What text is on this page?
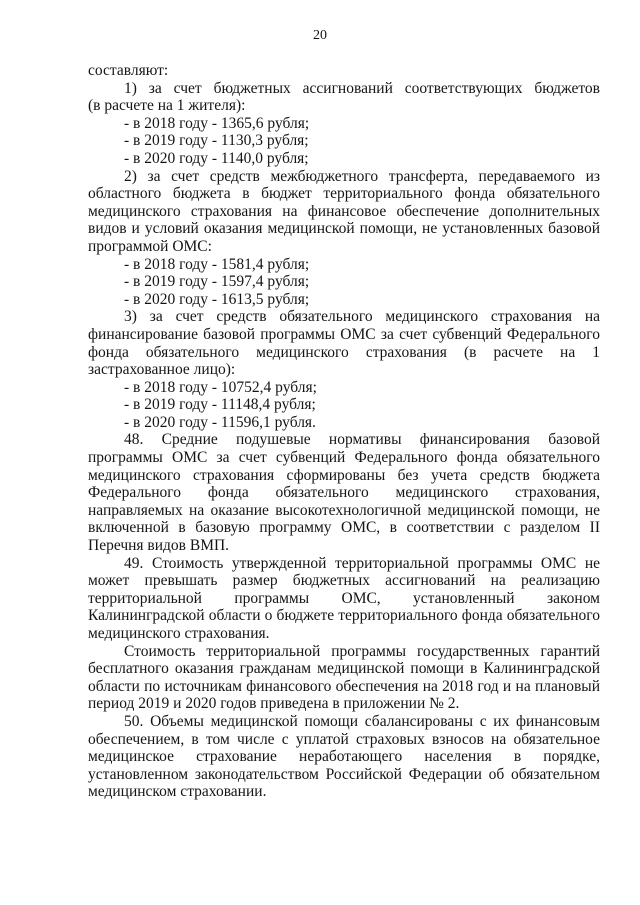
20
составляют:
1) за счет бюджетных ассигнований соответствующих бюджетов
(в расчете на 1 жителя):
- в 2018 году - 1365,6 рубля;
- в 2019 году - 1130,3 рубля;
- в 2020 году - 1140,0 рубля;
2) за счет средств межбюджетного трансферта, передаваемого из
областного бюджета в бюджет территориального фонда обязательного
медицинского страхования на финансовое обеспечение дополнительных
видов и условий оказания медицинской помощи, не установленных базовой
программой ОМС:
- в 2018 году - 1581,4 рубля;
- в 2019 году - 1597,4 рубля;
- в 2020 году - 1613,5 рубля;
3) за счет средств обязательного медицинского страхования на
финансирование базовой программы ОМС за счет субвенций Федерального
фонда обязательного медицинского страхования (в расчете на 1
застрахованное лицо):
- в 2018 году - 10752,4 рубля;
- в 2019 году - 11148,4 рубля;
- в 2020 году - 11596,1 рубля.
48. Средние подушевые нормативы финансирования базовой
программы ОМС за счет субвенций Федерального фонда обязательного
медицинского страхования сформированы без учета средств бюджета
Федерального фонда обязательного медицинского страхования,
направляемых на оказание высокотехнологичной медицинской помощи, не
включенной в базовую программу ОМС, в соответствии с разделом II
Перечня видов ВМП.
49. Стоимость утвержденной территориальной программы ОМС не
может превышать размер бюджетных ассигнований на реализацию
территориальной программы ОМС, установленный законом
Калининградской области о бюджете территориального фонда обязательного
медицинского страхования.
Стоимость территориальной программы государственных гарантий
бесплатного оказания гражданам медицинской помощи в Калининградской
области по источникам финансового обеспечения на 2018 год и на плановый
период 2019 и 2020 годов приведена в приложении № 2.
50. Объемы медицинской помощи сбалансированы с их финансовым
обеспечением, в том числе с уплатой страховых взносов на обязательное
медицинское страхование неработающего населения в порядке,
установленном законодательством Российской Федерации об обязательном
медицинском страховании.
